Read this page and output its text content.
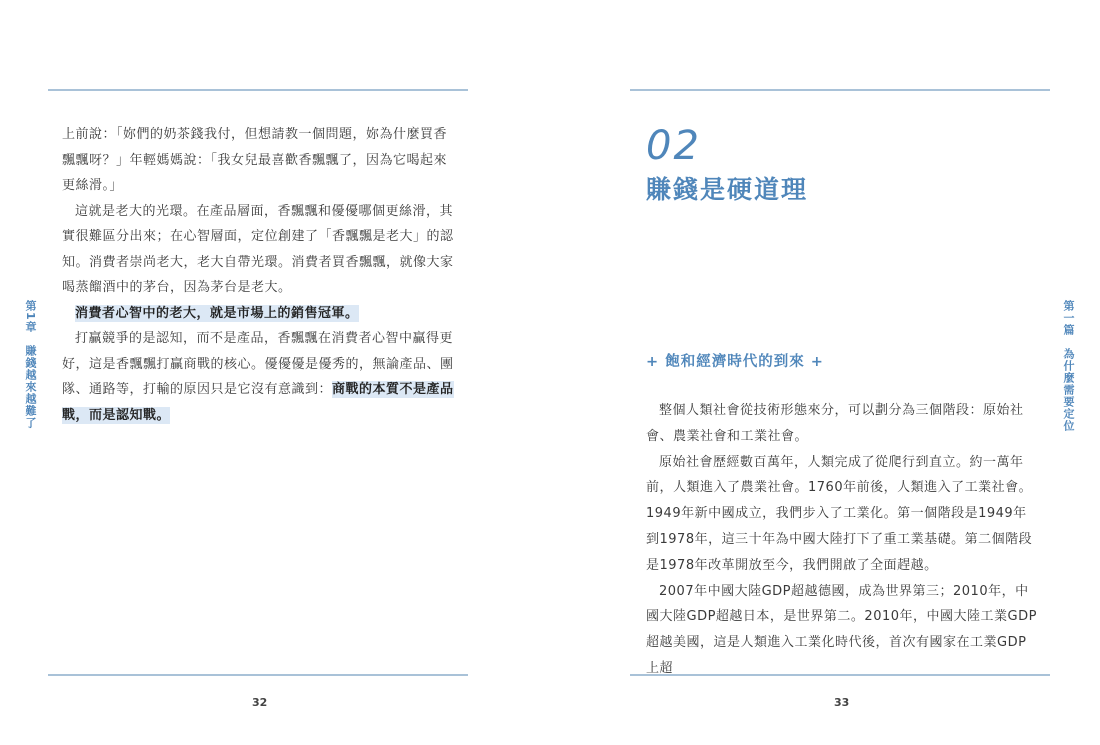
第1章賺錢越來越難了

上前說：「妳們的奶茶錢我付，但想請教一個問題，妳為什麼買香飄飄呀？」年輕媽媽說：「我女兒最喜歡香飄飄了，因為它喝起來更絲滑。」

這就是老大的光環。在產品層面，香飄飄和優優哪個更絲滑，其實很難區分出來；在心智層面，定位創建了「香飄飄是老大」的認知。消費者崇尚老大，老大自帶光環。消費者買香飄飄，就像大家喝蒸餾酒中的茅台，因為茅台是老大。

消費者心智中的老大，就是市場上的銷售冠軍。

打贏競爭的是認知，而不是產品，香飄飄在消費者心智中贏得更好，這是香飄飄打贏商戰的核心。優優優是優秀的，無論產品、團隊、通路等，打輸的原因只是它沒有意識到：商戰的本質不是產品戰，而是認知戰。

32
02
賺錢是硬道理
+ 飽和經濟時代的到來 +

整個人類社會從技術形態來分，可以劃分為三個階段：原始社會、農業社會和工業社會。

原始社會歷經數百萬年，人類完成了從爬行到直立。約一萬年前，人類進入了農業社會。1760年前後，人類進入了工業社會。1949年新中國成立，我們步入了工業化。第一個階段是1949年到1978年，這三十年為中國大陸打下了重工業基礎。第二個階段是1978年改革開放至今，我們開啟了全面趕越。

2007年中國大陸GDP超越德國，成為世界第三；2010年，中國大陸GDP超越日本，是世界第二。2010年，中國大陸工業GDP超越美國，這是人類進入工業化時代後，首次有國家在工業GDP上超

第一篇為什麼需要定位
33
